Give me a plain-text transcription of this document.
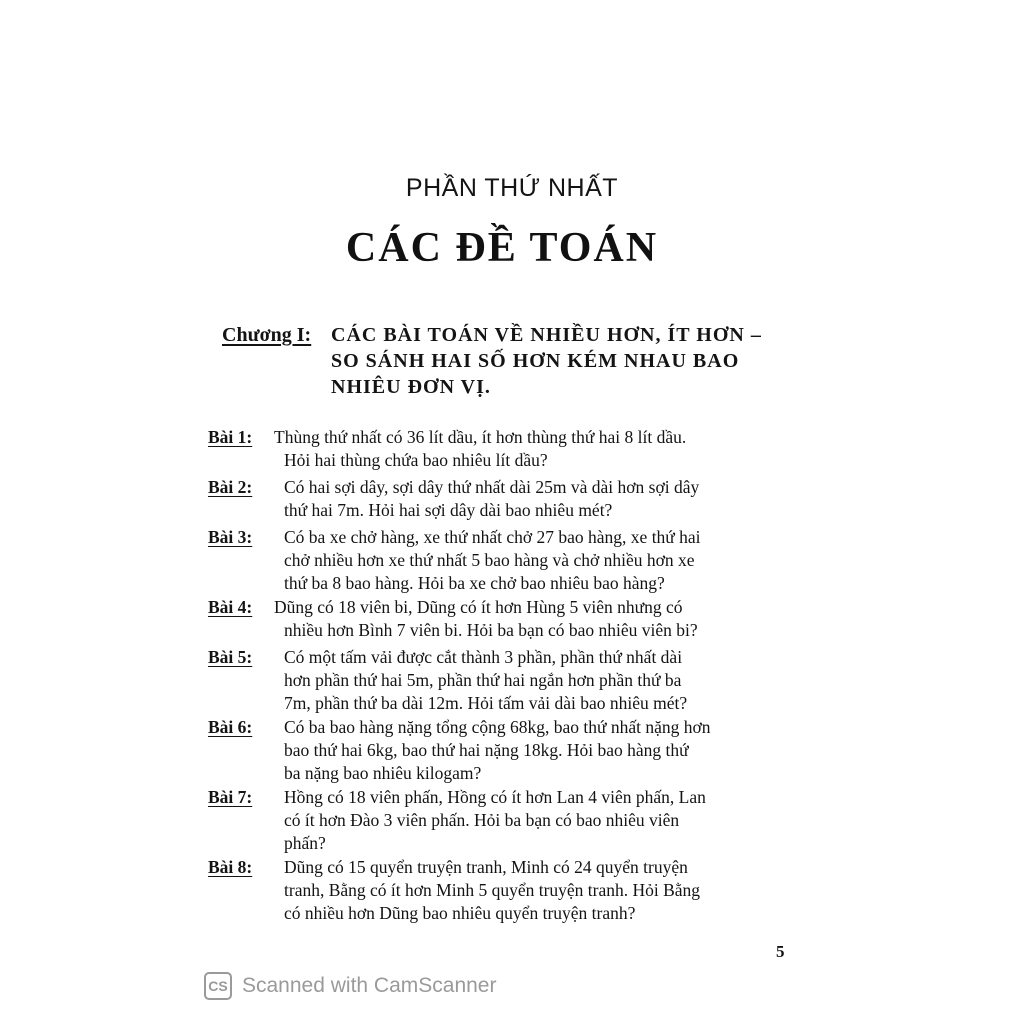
PHẦN THỨ NHẤT
CÁC ĐỀ TOÁN
Chương I: CÁC BÀI TOÁN VỀ NHIỀU HƠN, ÍT HƠN –
SO SÁNH HAI SỐ HƠN KÉM NHAU BAO
NHIÊU ĐƠN VỊ.
Bài 1: Thùng thứ nhất có 36 lít dầu, ít hơn thùng thứ hai 8 lít dầu.
Hỏi hai thùng chứa bao nhiêu lít dầu?
Bài 2: Có hai sợi dây, sợi dây thứ nhất dài 25m và dài hơn sợi dây
thứ hai 7m. Hỏi hai sợi dây dài bao nhiêu mét?
Bài 3: Có ba xe chở hàng, xe thứ nhất chở 27 bao hàng, xe thứ hai
chở nhiều hơn xe thứ nhất 5 bao hàng và chở nhiều hơn xe
thứ ba 8 bao hàng. Hỏi ba xe chở bao nhiêu bao hàng?
Bài 4: Dũng có 18 viên bi, Dũng có ít hơn Hùng 5 viên nhưng có
nhiều hơn Bình 7 viên bi. Hỏi ba bạn có bao nhiêu viên bi?
Bài 5: Có một tấm vải được cắt thành 3 phần, phần thứ nhất dài
hơn phần thứ hai 5m, phần thứ hai ngắn hơn phần thứ ba
7m, phần thứ ba dài 12m. Hỏi tấm vải dài bao nhiêu mét?
Bài 6: Có ba bao hàng nặng tổng cộng 68kg, bao thứ nhất nặng hơn
bao thứ hai 6kg, bao thứ hai nặng 18kg. Hỏi bao hàng thứ
ba nặng bao nhiêu kilogam?
Bài 7: Hồng có 18 viên phấn, Hồng có ít hơn Lan 4 viên phấn, Lan
có ít hơn Đào 3 viên phấn. Hỏi ba bạn có bao nhiêu viên
phấn?
Bài 8: Dũng có 15 quyển truyện tranh, Minh có 24 quyển truyện
tranh, Bằng có ít hơn Minh 5 quyển truyện tranh. Hỏi Bằng
có nhiều hơn Dũng bao nhiêu quyển truyện tranh?
5
CS Scanned with CamScanner
